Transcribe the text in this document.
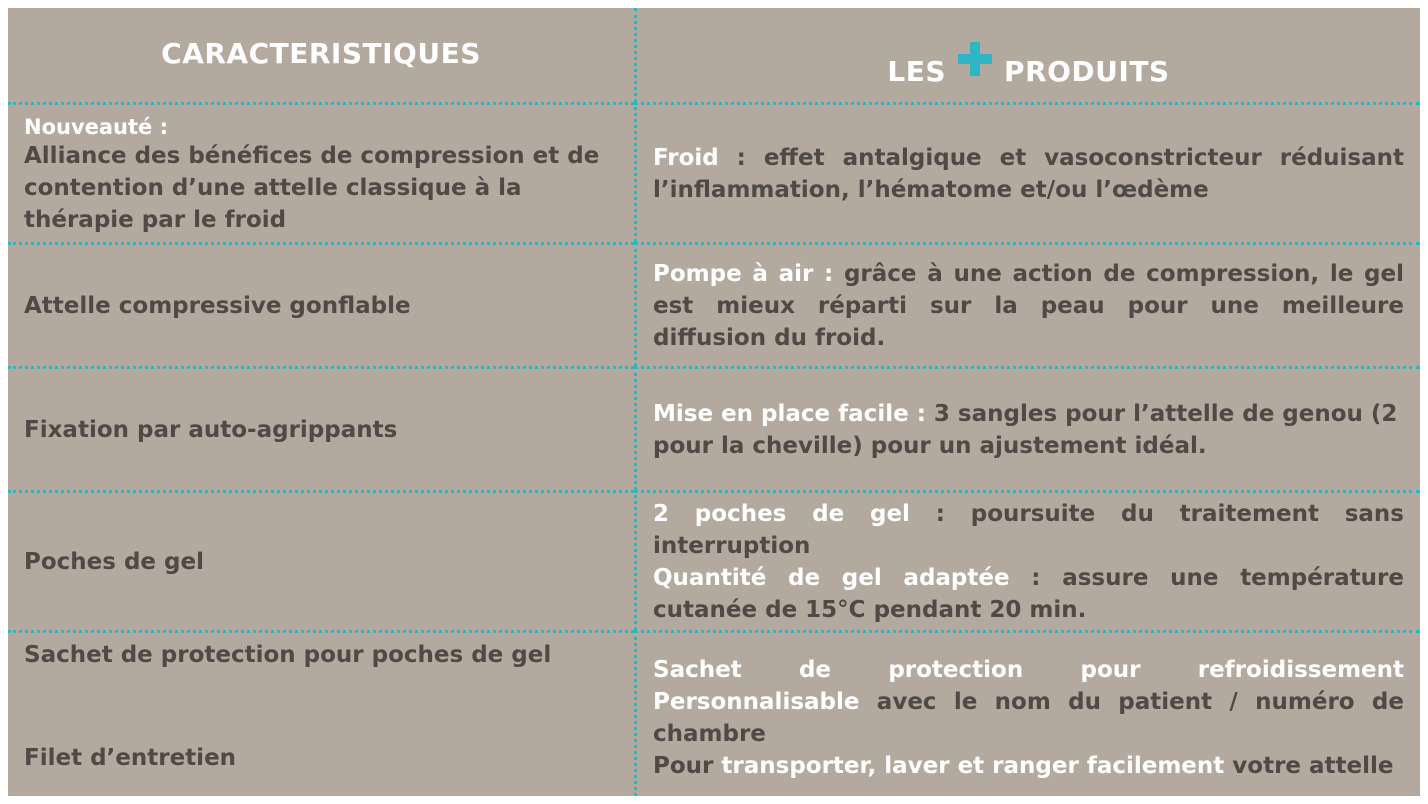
CARACTERISTIQUES
LES PRODUITS

Nouveauté :

Alliance des bénéfices de compression et de contention d’une attelle classique à la thérapie par le froid

Froid : effet antalgique et vasoconstricteur réduisant l’inflammation, l’hématome et/ou l’œdème

Attelle compressive gonflable

Pompe à air : grâce à une action de compression, le gel est mieux réparti sur la peau pour une meilleure diffusion du froid.

Fixation par auto-agrippants

Mise en place facile : 3 sangles pour l’attelle de genou (2 pour la cheville) pour un ajustement idéal.

Poches de gel

2 poches de gel : poursuite du traitement sans interruption

Quantité de gel adaptée : assure une température cutanée de 15°C pendant 20 min.

Sachet de protection pour poches de gel

Filet d’entretien

Sachet de protection pour refroidissement

Personnalisable avec le nom du patient / numéro de chambre

Pour transporter, laver et ranger facilement votre attelle
